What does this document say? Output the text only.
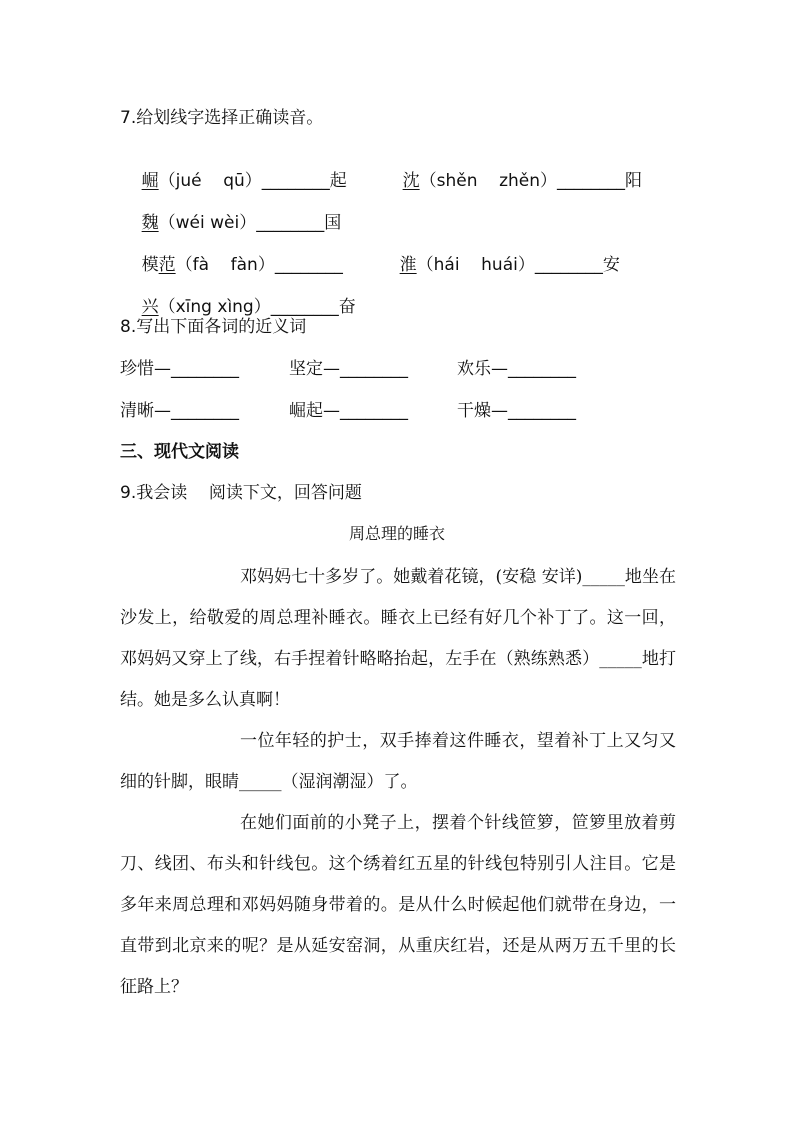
7.给划线字选择正确读音。

崛（jué    qū）________起
	沈（shěn    zhěn）________阳

魏（wéi wèi）________国

模范（fà    fàn）________
	淮（hái    huái）________安

兴（xīng xìng）________奋

8.写出下面各词的近义词
珍惜—________	坚定—________	欢乐—________
清晰—________	崛起—________	干燥—________
三、现代文阅读
9.我会读    阅读下文，回答问题
周总理的睡衣

邓妈妈七十多岁了。她戴着花镜，(安稳 安详)_____地坐在沙发上，给敬爱的周总理补睡衣。睡衣上已经有好几个补丁了。这一回，邓妈妈又穿上了线，右手捏着针略略抬起，左手在（熟练熟悉）_____地打结。她是多么认真啊！

一位年轻的护士，双手捧着这件睡衣，望着补丁上又匀又细的针脚，眼睛_____（湿润潮湿）了。

在她们面前的小凳子上，摆着个针线笸箩，笸箩里放着剪刀、线团、布头和针线包。这个绣着红五星的针线包特别引人注目。它是多年来周总理和邓妈妈随身带着的。是从什么时候起他们就带在身边，一直带到北京来的呢？是从延安窑洞，从重庆红岩，还是从两万五千里的长征路上？
